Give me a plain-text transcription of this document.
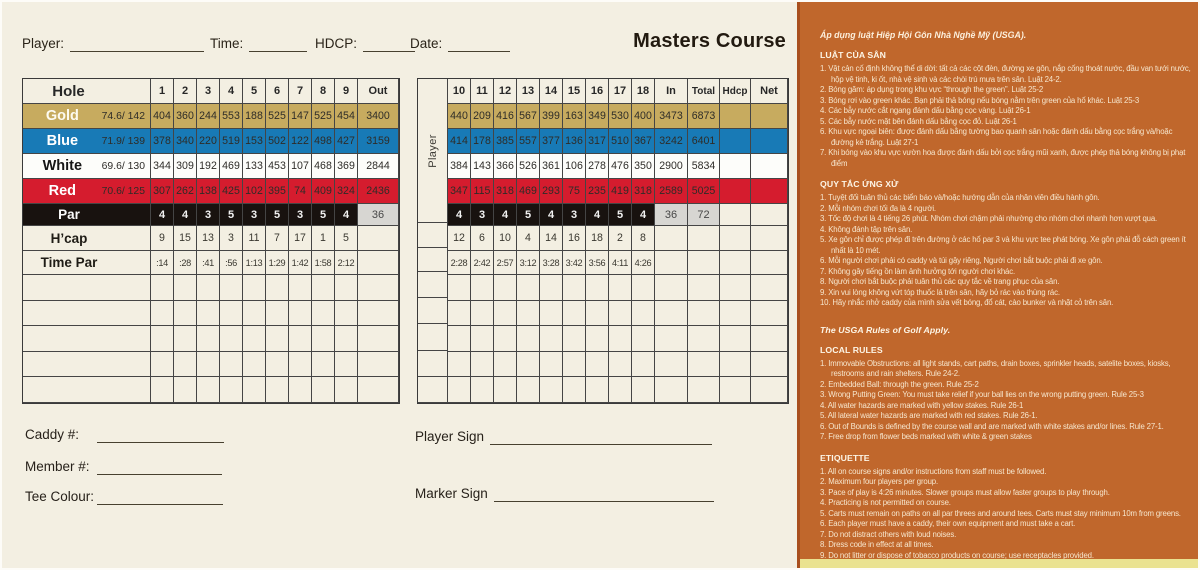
Player:	Time:	HDCP:	Date:	Masters Course
Hole	1	2	3	4	5	6	7	8	9	Out
Gold	74.6/ 142 404 360 244 553 188 525 147 525 454	3400
Blue	71.9/ 139 378 340 220 519 153 502 122 498 427	3159
White	69.6/ 130 344 309 192 469 133 453 107 468 369	2844
Red	70.6/ 125 307 262 138 425 102 395 74 409 324	2436
Par	4	4	3	5	3	5	3	5	4	36
H’cap	9	15	13	3	11	7	17	1	5
Time Par	:14	:28	:41	:56 1:13 1:29 1:42 1:58 2:12
Player
10	11	12 13 14 15 16 17 18	In	Total Hdcp	Net
440 209 416 567 399 163 349 530 400 3473 6873
414 178 385 557 377 136 317 510 367 3242 6401
384 143 366 526 361 106 278 476 350 2900 5834
347 115 318 469 293 75 235 419 318 2589 5025
4	3	4	5	4	3	4	5	4	36	72
12	6	10	4	14	16	18	2	8
2:28 2:42 2:57 3:12 3:28 3:42 3:56 4:11 4:26
Caddy #:
Member #:
Tee Colour:
Player Sign
Marker Sign
Áp dụng luật Hiệp Hội Gôn Nhà Nghề Mỹ (USGA).
LUẬT CỦA SÂN
1. Vật cản cố định không thể di dời: tất cả các cột đèn, đường xe gôn, nắp cống thoát nước, đầu van tưới nước, hộp vệ tinh, ki ốt, nhà vệ sinh và các chòi trú mưa trên sân. Luật 24-2.
2. Bóng găm: áp dụng trong khu vực “through the green”. Luật 25-2
3. Bóng rơi vào green khác. Bạn phải thả bóng nếu bóng nằm trên green của hố khác. Luật 25-3
4. Các bẫy nước cắt ngang đánh dấu bằng cọc vàng. Luật 26-1
5. Các bẫy nước mặt bên đánh dấu bằng cọc đỏ. Luật 26-1
6. Khu vực ngoại biên: được đánh dấu bằng tường bao quanh sân hoặc đánh dấu bằng cọc trắng và/hoặc đường kẻ trắng. Luật 27-1
7. Khi bóng vào khu vực vườn hoa được đánh dấu bởi cọc trắng mũi xanh, được phép thả bóng không bị phạt điểm
QUY TẮC ỨNG XỬ
1. Tuyệt đối tuân thủ các biển báo và/hoặc hướng dẫn của nhân viên điều hành gôn.
2. Mỗi nhóm chơi tối đa là 4 người.
3. Tốc độ chơi là 4 tiếng 26 phút. Nhóm chơi chậm phải nhường cho nhóm chơi nhanh hơn vượt qua.
4. Không đánh tập trên sân.
5. Xe gôn chỉ được phép đi trên đường ở các hố par 3 và khu vực tee phát bóng. Xe gôn phải đỗ cách green ít nhất là 10 mét.
6. Mỗi người chơi phải có caddy và túi gậy riêng, Người chơi bắt buộc phải đi xe gôn.
7. Không gây tiếng ồn làm ảnh hưởng tới người chơi khác.
8. Người chơi bắt buộc phải tuân thủ các quy tắc về trang phục của sân.
9. Xin vui lòng không vứt tóp thuốc lá trên sân, hãy bỏ rác vào thùng rác.
10. Hãy nhắc nhở caddy của mình sửa vết bóng, đổ cát, cào bunker và nhặt cỏ trên sân.
The USGA Rules of Golf Apply.
LOCAL RULES
1. Immovable Obstructions: all light stands, cart paths, drain boxes, sprinkler heads, satelite boxes, kiosks, restrooms and rain shelters. Rule 24-2.
2. Embedded Ball: through the green. Rule 25-2
3. Wrong Putting Green: You must take relief if your ball lies on the wrong putting green. Rule 25-3
4. All water hazards are marked with yellow stakes. Rule 26-1
5. All lateral water hazards are marked with red stakes. Rule 26-1.
6. Out of Bounds is defined by the course wall and are marked with white stakes and/or lines. Rule 27-1.
7. Free drop from flower beds marked with white & green stakes
ETIQUETTE
1. All on course signs and/or instructions from staff must be followed.
2. Maximum four players per group.
3. Pace of play is 4:26 minutes. Slower groups must allow faster groups to play through.
4. Practicing is not permitted on course.
5. Carts must remain on paths on all par threes and around tees. Carts must stay minimum 10m from greens.
6. Each player must have a caddy, their own equipment and must take a cart.
7. Do not distract others with loud noises.
8. Dress code in effect at all times.
9. Do not litter or dispose of tobacco products on course; use receptacles provided.
